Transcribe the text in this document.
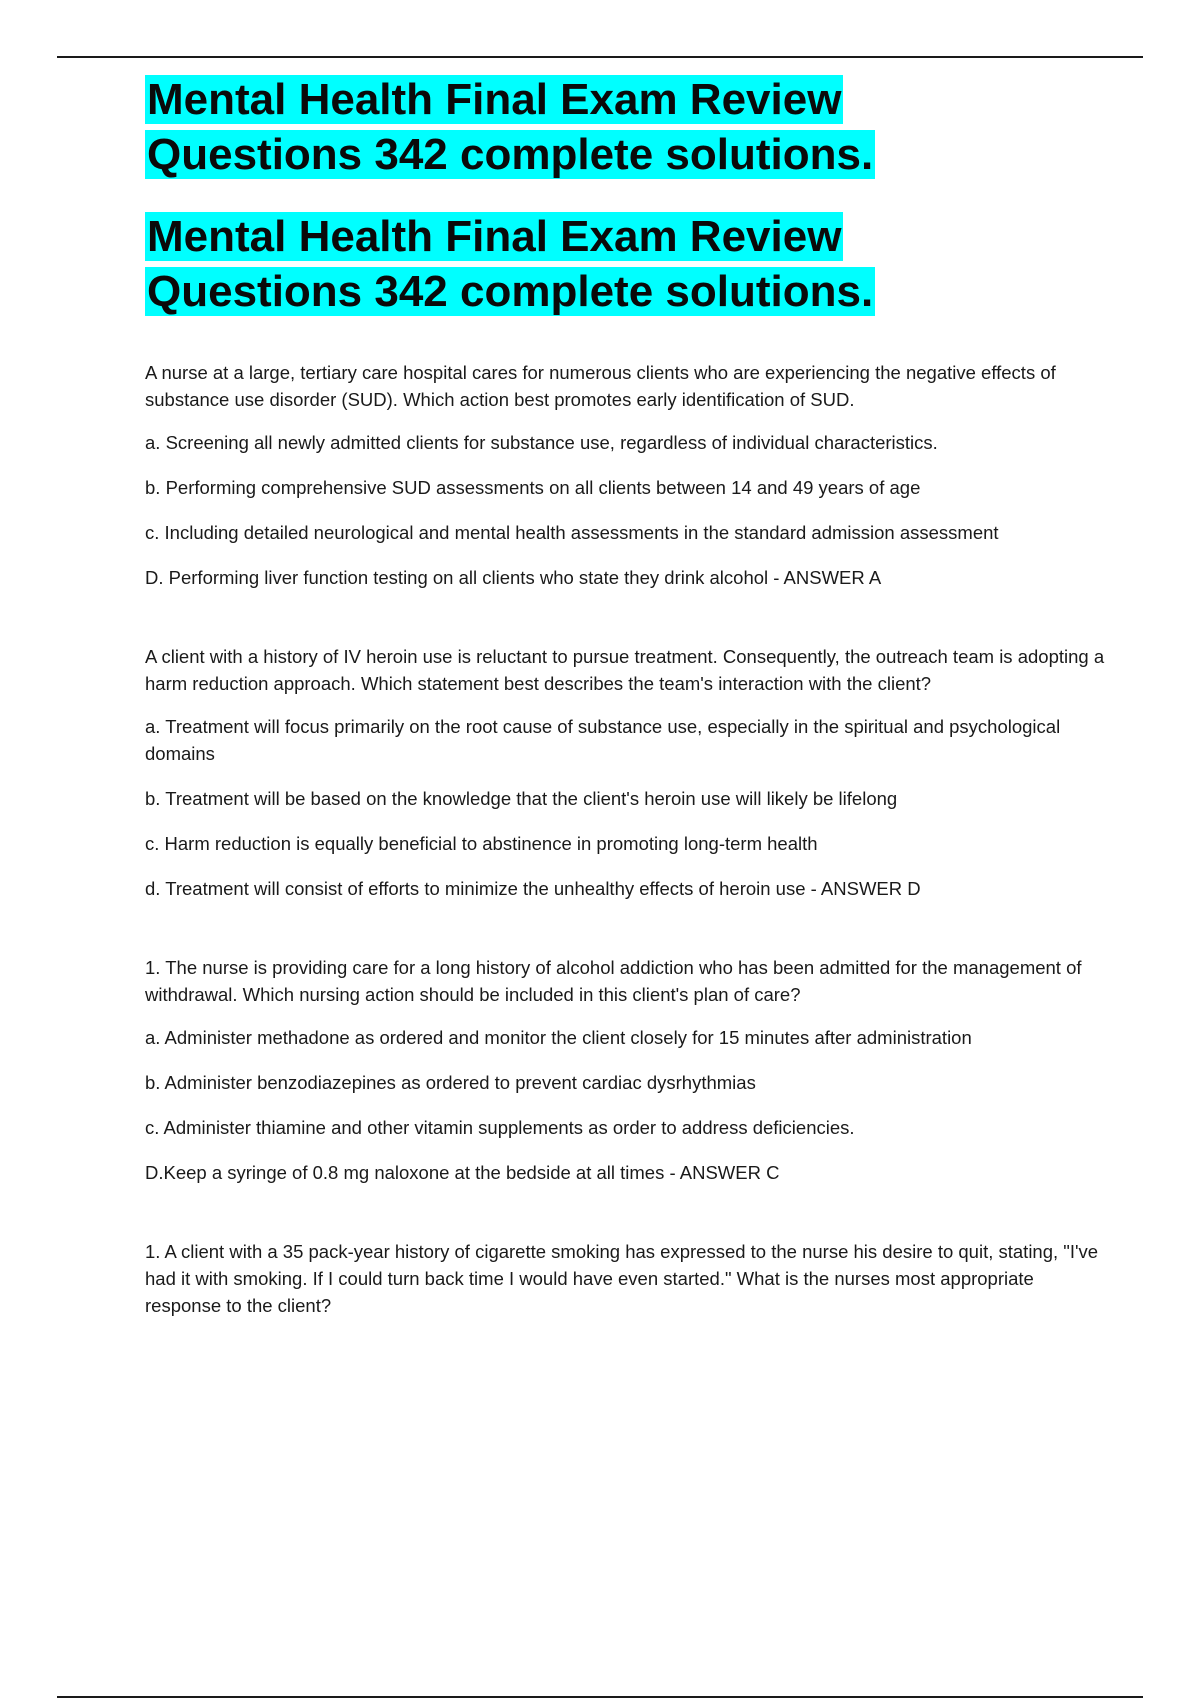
Mental Health Final Exam Review
Questions 342 complete solutions.
Mental Health Final Exam Review
Questions 342 complete solutions.

A nurse at a large, tertiary care hospital cares for numerous clients who are experiencing the negative effects of substance use disorder (SUD). Which action best promotes early identification of SUD.

a. Screening all newly admitted clients for substance use, regardless of individual characteristics.

b. Performing comprehensive SUD assessments on all clients between 14 and 49 years of age

c. Including detailed neurological and mental health assessments in the standard admission assessment

D. Performing liver function testing on all clients who state they drink alcohol - ANSWER A

A client with a history of IV heroin use is reluctant to pursue treatment. Consequently, the outreach team is adopting a harm reduction approach. Which statement best describes the team's interaction with the client?

a. Treatment will focus primarily on the root cause of substance use, especially in the spiritual and psychological domains

b. Treatment will be based on the knowledge that the client's heroin use will likely be lifelong

c. Harm reduction is equally beneficial to abstinence in promoting long-term health

d. Treatment will consist of efforts to minimize the unhealthy effects of heroin use - ANSWER D

1. The nurse is providing care for a long history of alcohol addiction who has been admitted for the management of withdrawal. Which nursing action should be included in this client's plan of care?

a. Administer methadone as ordered and monitor the client closely for 15 minutes after administration

b. Administer benzodiazepines as ordered to prevent cardiac dysrhythmias

c. Administer thiamine and other vitamin supplements as order to address deficiencies.

D.Keep a syringe of 0.8 mg naloxone at the bedside at all times - ANSWER C

1. A client with a 35 pack-year history of cigarette smoking has expressed to the nurse his desire to quit, stating, "I've had it with smoking. If I could turn back time I would have even started." What is the nurses most appropriate response to the client?
